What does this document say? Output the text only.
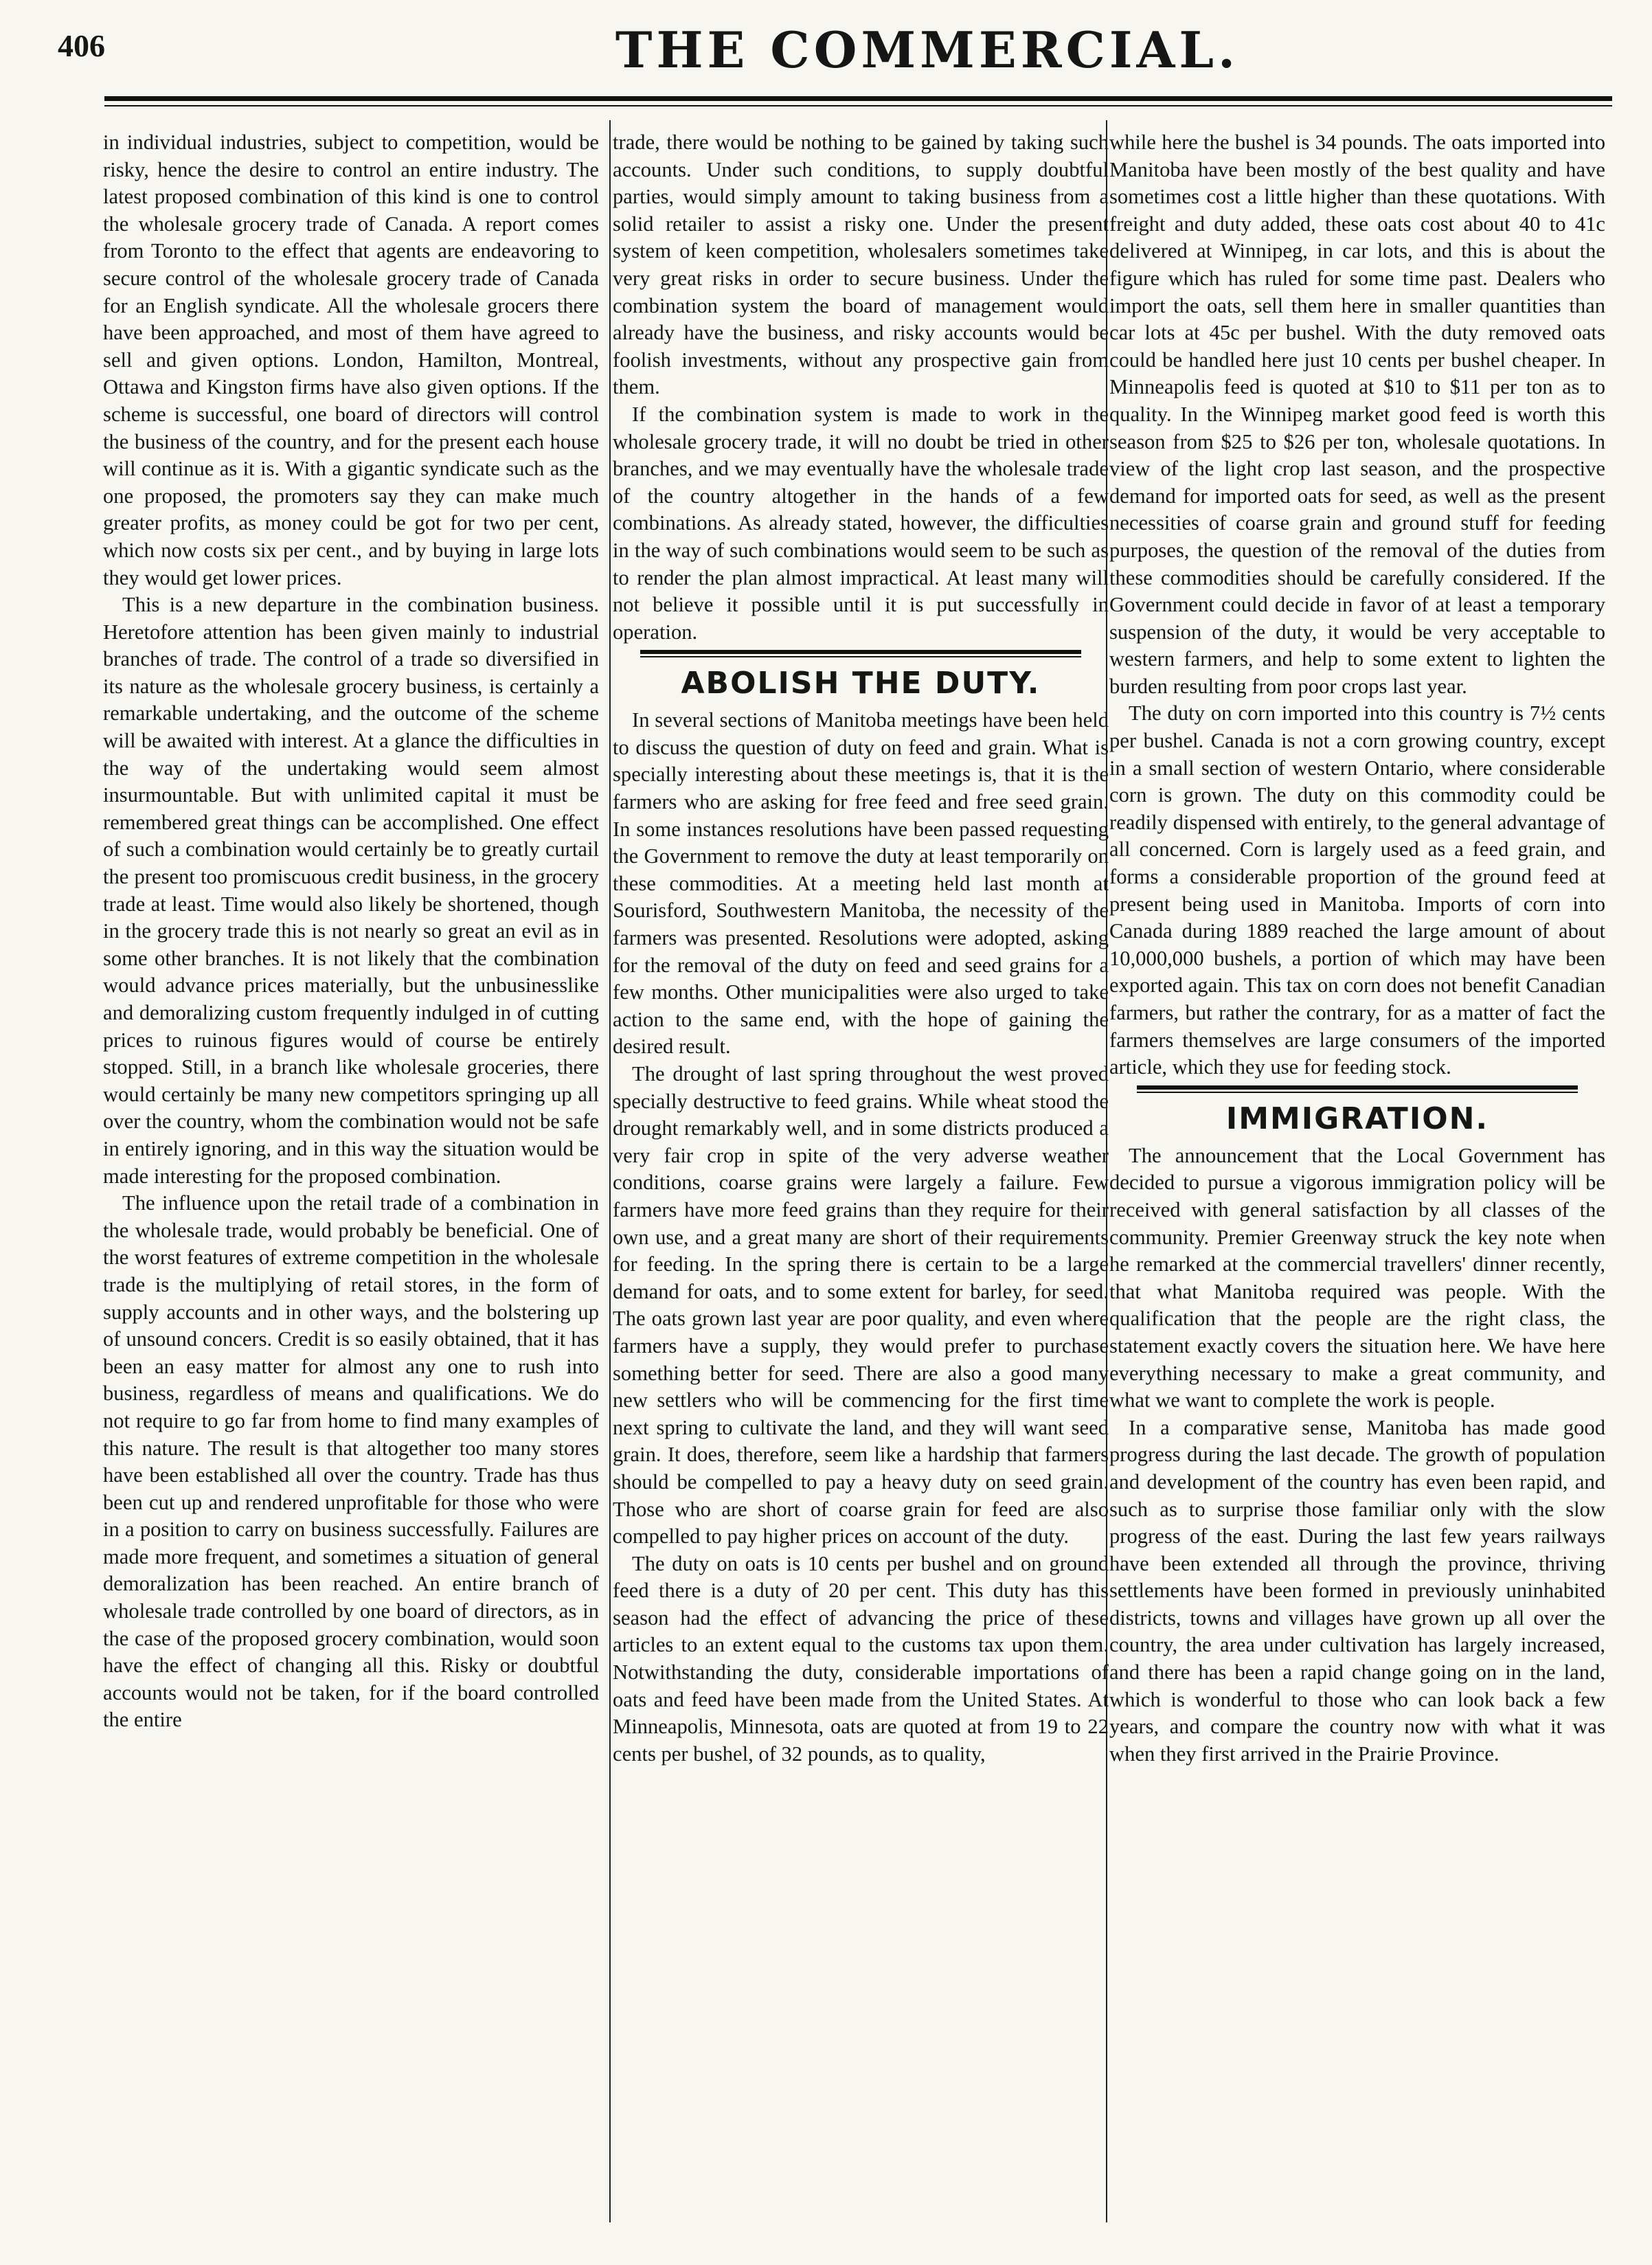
406	THE COMMERCIAL.

in individual industries, subject to competition, would be risky, hence the desire to control an entire industry. The latest proposed combination of this kind is one to control the wholesale grocery trade of Canada. A report comes from Toronto to the effect that agents are endeavoring to secure control of the wholesale grocery trade of Canada for an English syndicate. All the wholesale grocers there have been approached, and most of them have agreed to sell and given options. London, Hamilton, Montreal, Ottawa and Kingston firms have also given options. If the scheme is successful, one board of directors will control the business of the country, and for the present each house will continue as it is. With a gigantic syndicate such as the one proposed, the promoters say they can make much greater profits, as money could be got for two per cent, which now costs six per cent., and by buying in large lots they would get lower prices.

This is a new departure in the combination business. Heretofore attention has been given mainly to industrial branches of trade. The control of a trade so diversified in its nature as the wholesale grocery business, is certainly a remarkable undertaking, and the outcome of the scheme will be awaited with interest. At a glance the difficulties in the way of the undertaking would seem almost insurmountable. But with unlimited capital it must be remembered great things can be accomplished. One effect of such a combination would certainly be to greatly curtail the present too promiscuous credit business, in the grocery trade at least. Time would also likely be shortened, though in the grocery trade this is not nearly so great an evil as in some other branches. It is not likely that the combination would advance prices materially, but the unbusinesslike and demoralizing custom frequently indulged in of cutting prices to ruinous figures would of course be entirely stopped. Still, in a branch like wholesale groceries, there would certainly be many new competitors springing up all over the country, whom the combination would not be safe in entirely ignoring, and in this way the situation would be made interesting for the proposed combination.

The influence upon the retail trade of a combination in the wholesale trade, would probably be beneficial. One of the worst features of extreme competition in the wholesale trade is the multiplying of retail stores, in the form of supply accounts and in other ways, and the bolstering up of unsound concers. Credit is so easily obtained, that it has been an easy matter for almost any one to rush into business, regardless of means and qualifications. We do not require to go far from home to find many examples of this nature. The result is that altogether too many stores have been established all over the country. Trade has thus been cut up and rendered unprofitable for those who were in a position to carry on business successfully. Failures are made more frequent, and sometimes a situation of general demoralization has been reached. An entire branch of wholesale trade controlled by one board of directors, as in the case of the proposed grocery combination, would soon have the effect of changing all this. Risky or doubtful accounts would not be taken, for if the board controlled the entire

trade, there would be nothing to be gained by taking such accounts. Under such conditions, to supply doubtful parties, would simply amount to taking business from a solid retailer to assist a risky one. Under the present system of keen competition, wholesalers sometimes take very great risks in order to secure business. Under the combination system the board of management would already have the business, and risky accounts would be foolish investments, without any prospective gain from them.

If the combination system is made to work in the wholesale grocery trade, it will no doubt be tried in other branches, and we may eventually have the wholesale trade of the country altogether in the hands of a few combinations. As already stated, however, the difficulties in the way of such combinations would seem to be such as to render the plan almost impractical. At least many will not believe it possible until it is put successfully in operation.

ABOLISH THE DUTY.

In several sections of Manitoba meetings have been held to discuss the question of duty on feed and grain. What is specially interesting about these meetings is, that it is the farmers who are asking for free feed and free seed grain. In some instances resolutions have been passed requesting the Government to remove the duty at least temporarily on these commodities. At a meeting held last month at Sourisford, Southwestern Manitoba, the necessity of the farmers was presented. Resolutions were adopted, asking for the removal of the duty on feed and seed grains for a few months. Other municipalities were also urged to take action to the same end, with the hope of gaining the desired result.

The drought of last spring throughout the west proved specially destructive to feed grains. While wheat stood the drought remarkably well, and in some districts produced a very fair crop in spite of the very adverse weather conditions, coarse grains were largely a failure. Few farmers have more feed grains than they require for their own use, and a great many are short of their requirements for feeding. In the spring there is certain to be a large demand for oats, and to some extent for barley, for seed. The oats grown last year are poor quality, and even where farmers have a supply, they would prefer to purchase something better for seed. There are also a good many new settlers who will be commencing for the first time next spring to cultivate the land, and they will want seed grain. It does, therefore, seem like a hardship that farmers should be compelled to pay a heavy duty on seed grain. Those who are short of coarse grain for feed are also compelled to pay higher prices on account of the duty.

The duty on oats is 10 cents per bushel and on ground feed there is a duty of 20 per cent. This duty has this season had the effect of advancing the price of these articles to an extent equal to the customs tax upon them. Notwithstanding the duty, considerable importations of oats and feed have been made from the United States. At Minneapolis, Minnesota, oats are quoted at from 19 to 22 cents per bushel, of 32 pounds, as to quality,

while here the bushel is 34 pounds. The oats imported into Manitoba have been mostly of the best quality and have sometimes cost a little higher than these quotations. With freight and duty added, these oats cost about 40 to 41c delivered at Winnipeg, in car lots, and this is about the figure which has ruled for some time past. Dealers who import the oats, sell them here in smaller quantities than car lots at 45c per bushel. With the duty removed oats could be handled here just 10 cents per bushel cheaper. In Minneapolis feed is quoted at $10 to $11 per ton as to quality. In the Winnipeg market good feed is worth this season from $25 to $26 per ton, wholesale quotations. In view of the light crop last season, and the prospective demand for imported oats for seed, as well as the present necessities of coarse grain and ground stuff for feeding purposes, the question of the removal of the duties from these commodities should be carefully considered. If the Government could decide in favor of at least a temporary suspension of the duty, it would be very acceptable to western farmers, and help to some extent to lighten the burden resulting from poor crops last year.

The duty on corn imported into this country is 7½ cents per bushel. Canada is not a corn growing country, except in a small section of western Ontario, where considerable corn is grown. The duty on this commodity could be readily dispensed with entirely, to the general advantage of all concerned. Corn is largely used as a feed grain, and forms a considerable proportion of the ground feed at present being used in Manitoba. Imports of corn into Canada during 1889 reached the large amount of about 10,000,000 bushels, a portion of which may have been exported again. This tax on corn does not benefit Canadian farmers, but rather the contrary, for as a matter of fact the farmers themselves are large consumers of the imported article, which they use for feeding stock.

IMMIGRATION.

The announcement that the Local Government has decided to pursue a vigorous immigration policy will be received with general satisfaction by all classes of the community. Premier Greenway struck the key note when he remarked at the commercial travellers' dinner recently, that what Manitoba required was people. With the qualification that the people are the right class, the statement exactly covers the situation here. We have here everything necessary to make a great community, and what we want to complete the work is people.

In a comparative sense, Manitoba has made good progress during the last decade. The growth of population and development of the country has even been rapid, and such as to surprise those familiar only with the slow progress of the east. During the last few years railways have been extended all through the province, thriving settlements have been formed in previously uninhabited districts, towns and villages have grown up all over the country, the area under cultivation has largely increased, and there has been a rapid change going on in the land, which is wonderful to those who can look back a few years, and compare the country now with what it was when they first arrived in the Prairie Province.
